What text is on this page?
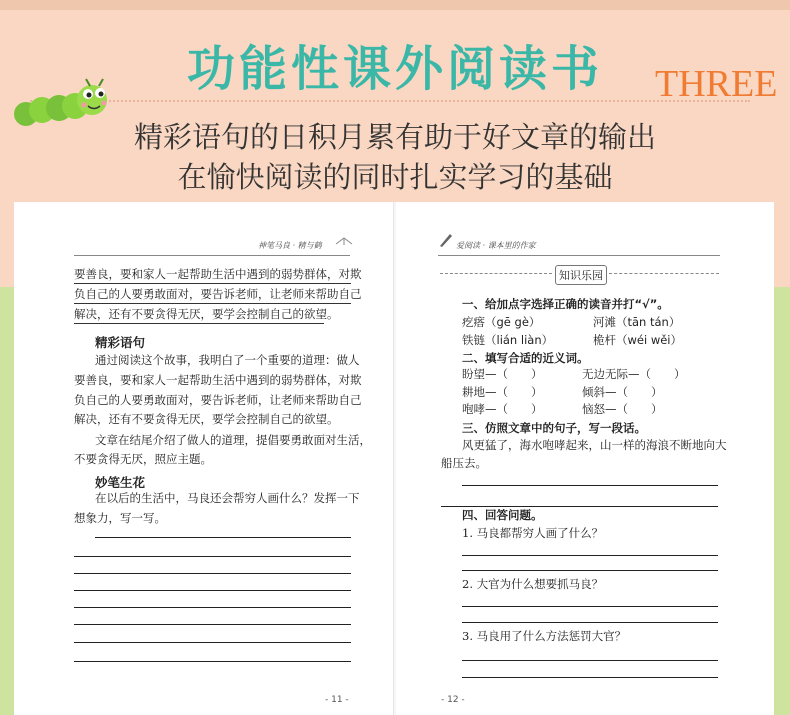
功能性课外阅读书	THREE
精彩语句的日积月累有助于好文章的输出
在愉快阅读的同时扎实学习的基础
神笔马良 · 精与鹤
要善良，要和家人一起帮助生活中遇到的弱势群体，对欺
负自己的人要勇敢面对，要告诉老师，让老师来帮助自己
解决，还有不要贪得无厌，要学会控制自己的欲望。
精彩语句
通过阅读这个故事，我明白了一个重要的道理：做人
要善良，要和家人一起帮助生活中遇到的弱势群体，对欺
负自己的人要勇敢面对，要告诉老师，让老师来帮助自己
解决，还有不要贪得无厌，要学会控制自己的欲望。
文章在结尾介绍了做人的道理，提倡要勇敢面对生活，
不要贪得无厌，照应主题。
妙笔生花
在以后的生活中，马良还会帮穷人画什么？发挥一下
想象力，写一写。
- 11 -
爱阅读 · 课本里的作家
知识乐园
一、给加点字选择正确的读音并打“√”。
疙瘩（gē gè）	河滩（tān tán）
铁链（lián liàn）	桅杆（wéi wěi）
二、填写合适的近义词。
盼望—（　　）	无边无际—（　　）
耕地—（　　）	倾斜—（　　）
咆哮—（　　）	恼怒—（　　）
三、仿照文章中的句子，写一段话。
风更猛了，海水咆哮起来，山一样的海浪不断地向大
船压去。
四、回答问题。
1. 马良都帮穷人画了什么？
2. 大官为什么想要抓马良？
3. 马良用了什么方法惩罚大官？
- 12 -
